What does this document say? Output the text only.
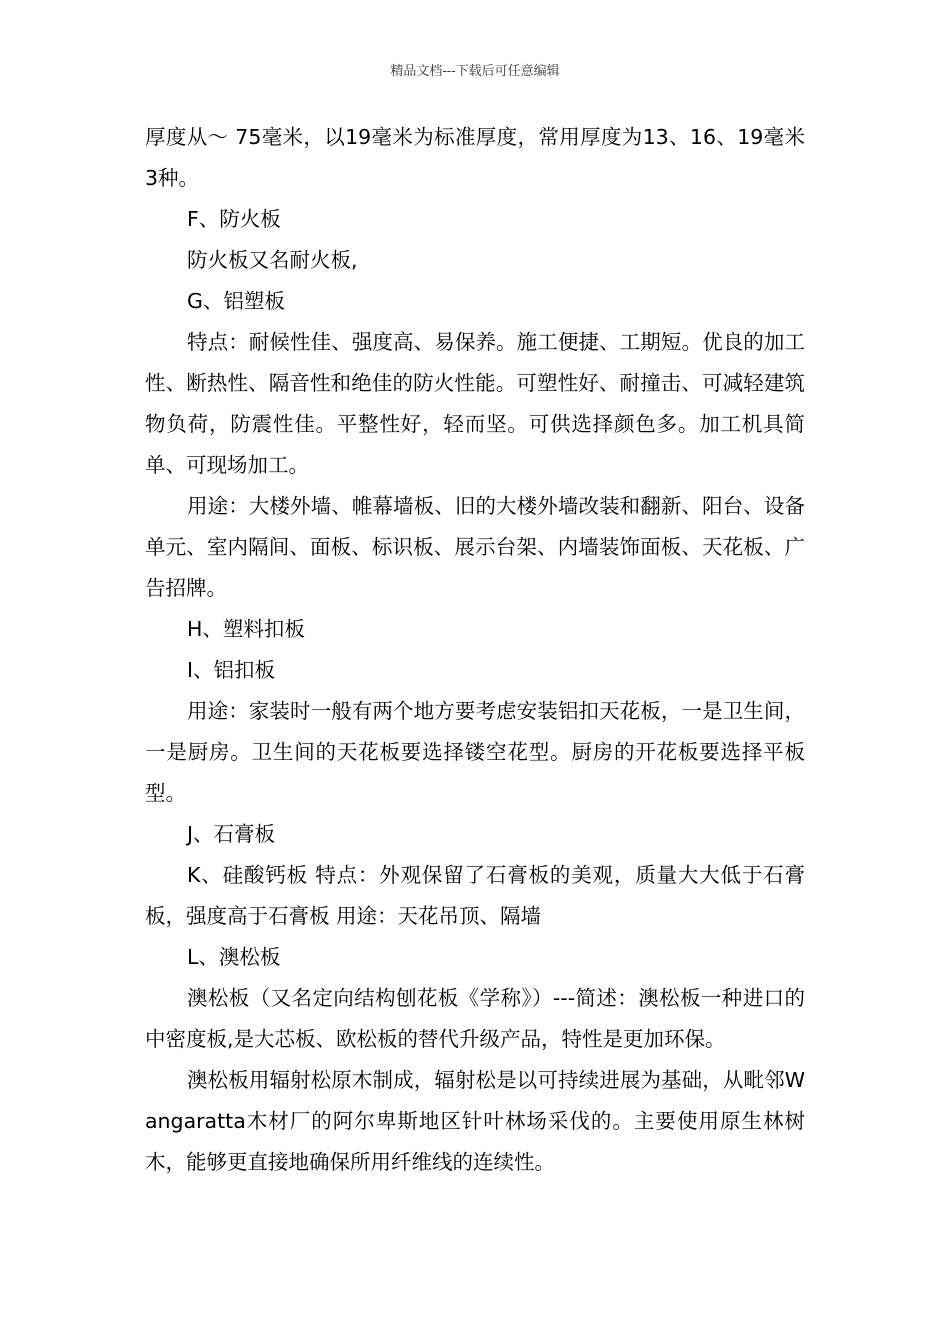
精品文档---下载后可任意编辑

厚度从～ 75毫米，以19毫米为标准厚度，常用厚度为13、16、19毫米3种。

F、防火板

防火板又名耐火板,

G、铝塑板

特点：耐候性佳、强度高、易保养。施工便捷、工期短。优良的加工性、断热性、隔音性和绝佳的防火性能。可塑性好、耐撞击、可减轻建筑物负荷，防震性佳。平整性好，轻而坚。可供选择颜色多。加工机具简单、可现场加工。

用途：大楼外墙、帷幕墙板、旧的大楼外墙改装和翻新、阳台、设备单元、室内隔间、面板、标识板、展示台架、内墙装饰面板、天花板、广告招牌。

H、塑料扣板

I、铝扣板

用途：家装时一般有两个地方要考虑安装铝扣天花板，一是卫生间，一是厨房。卫生间的天花板要选择镂空花型。厨房的开花板要选择平板型。

J、石膏板

K、硅酸钙板 特点：外观保留了石膏板的美观，质量大大低于石膏板，强度高于石膏板 用途：天花吊顶、隔墙

L、澳松板

澳松板（又名定向结构刨花板《学称》）---简述：澳松板一种进口的中密度板,是大芯板、欧松板的替代升级产品，特性是更加环保。

澳松板用辐射松原木制成，辐射松是以可持续进展为基础，从毗邻Wangaratta木材厂的阿尔卑斯地区针叶林场采伐的。主要使用原生林树木，能够更直接地确保所用纤维线的连续性。
